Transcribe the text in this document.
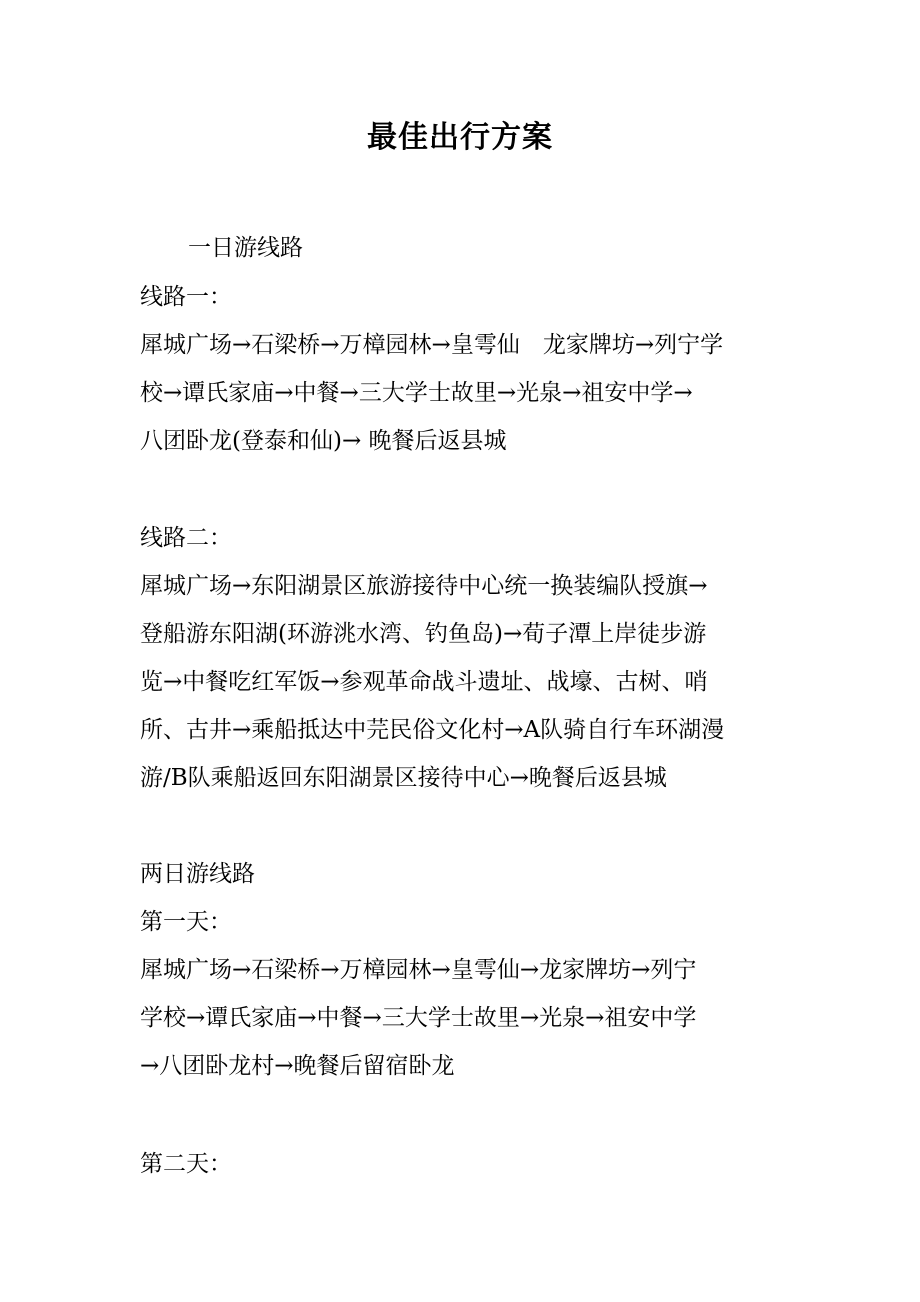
最佳出行方案
一日游线路
线路一：
犀城广场→石梁桥→万樟园林→皇雩仙　龙家牌坊→列宁学
校→谭氏家庙→中餐→三大学士故里→光泉→祖安中学→
八团卧龙(登泰和仙)→ 晚餐后返县城
线路二：
犀城广场→东阳湖景区旅游接待中心统一换装编队授旗→
登船游东阳湖(环游洮水湾、钓鱼岛)→荀子潭上岸徒步游
览→中餐吃红军饭→参观革命战斗遗址、战壕、古树、哨
所、古井→乘船抵达中芫民俗文化村→A队骑自行车环湖漫
游/B队乘船返回东阳湖景区接待中心→晚餐后返县城
两日游线路
第一天：
犀城广场→石梁桥→万樟园林→皇雩仙→龙家牌坊→列宁
学校→谭氏家庙→中餐→三大学士故里→光泉→祖安中学
→八团卧龙村→晚餐后留宿卧龙
第二天：
